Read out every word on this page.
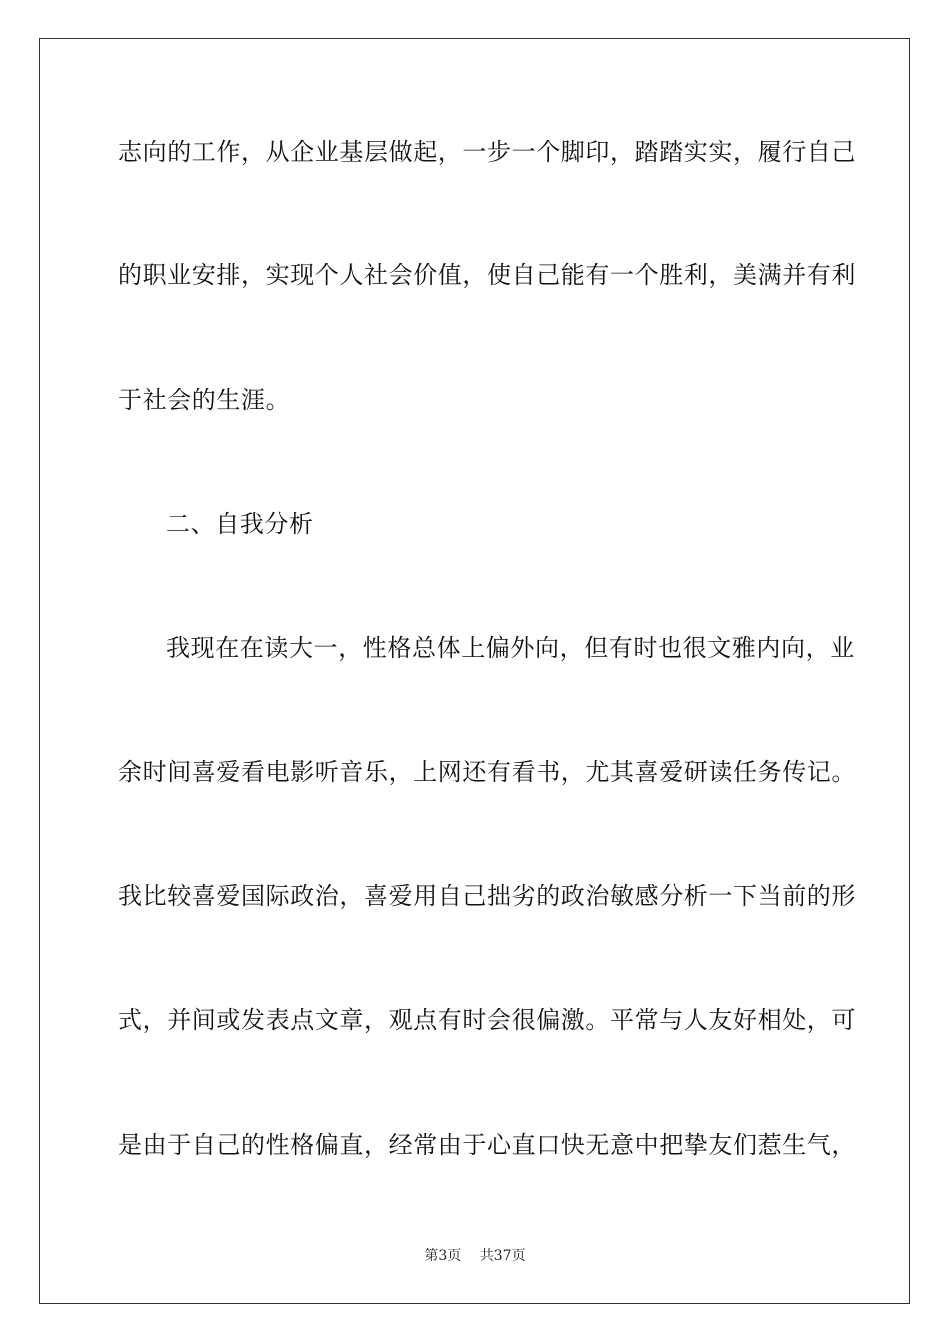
志向的工作，从企业基层做起，一步一个脚印，踏踏实实，履行自己
的职业安排，实现个人社会价值，使自己能有一个胜利，美满并有利
于社会的生涯。
二、自我分析
我现在在读大一，性格总体上偏外向，但有时也很文雅内向，业
余时间喜爱看电影听音乐，上网还有看书，尤其喜爱研读任务传记。
我比较喜爱国际政治，喜爱用自己拙劣的政治敏感分析一下当前的形
式，并间或发表点文章，观点有时会很偏激。平常与人友好相处，可
是由于自己的性格偏直，经常由于心直口快无意中把挚友们惹生气，
第3页 共37页
